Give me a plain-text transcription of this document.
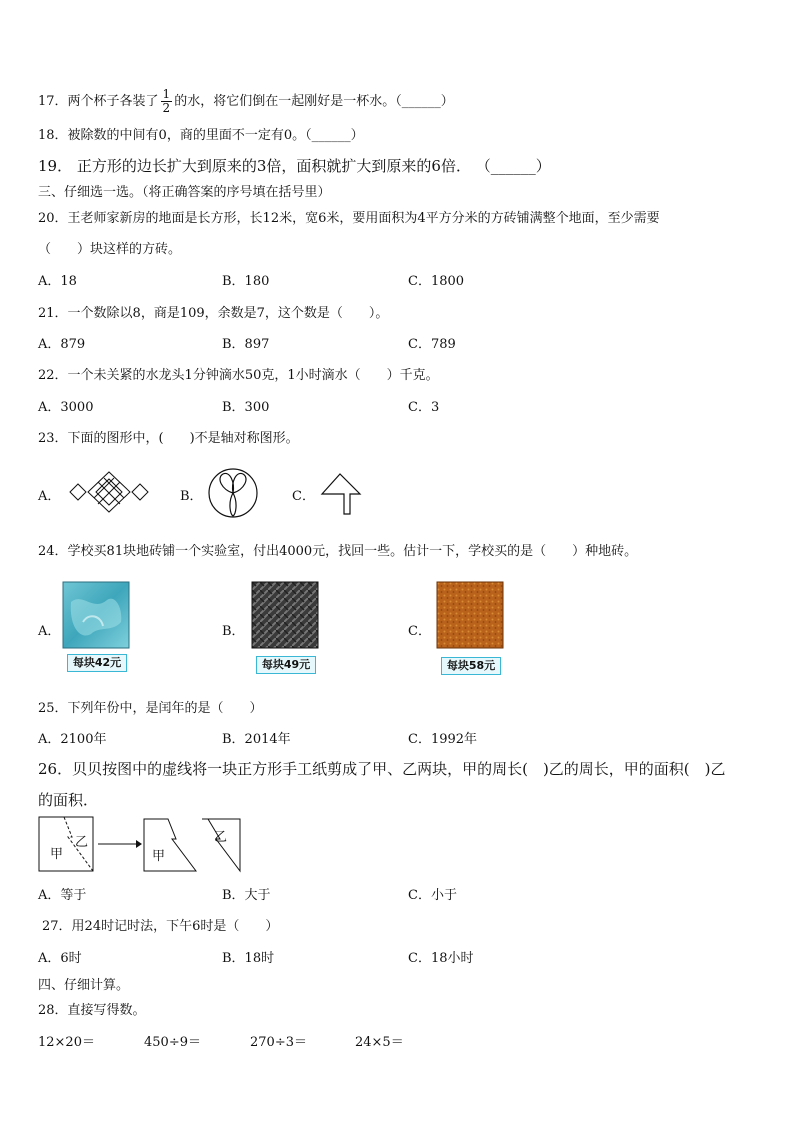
17．两个杯子各装了 $\frac{1}{2}$ 的水，将它们倒在一起刚好是一杯水。（______）
18．被除数的中间有0，商的里面不一定有0。（______）
19． 正方形的边长扩大到原来的3倍，面积就扩大到原来的6倍． （______）
三、仔细选一选。（将正确答案的序号填在括号里）
20．王老师家新房的地面是长方形，长12米，宽6米，要用面积为4平方分米的方砖铺满整个地面，至少需要
（　　）块这样的方砖。
A．18	B．180	C．1800
21．一个数除以8，商是109，余数是7，这个数是（　　）。
A．879	B．897	C．789
22．一个未关紧的水龙头1分钟滴水50克，1小时滴水（　　）千克。
A．3000	B．300	C．3
23．下面的图形中，(　　)不是轴对称图形。
A．	B．	C．
24．学校买81块地砖铺一个实验室，付出4000元，找回一些。估计一下，学校买的是（　　）种地砖。
A．	B．	C．
每块42元	每块49元	每块58元
25．下列年份中，是闰年的是（　　）
A．2100年	B．2014年	C．1992年
26．贝贝按图中的虚线将一块正方形手工纸剪成了甲、乙两块，甲的周长(　)乙的周长，甲的面积(　)乙
的面积．
甲
乙
甲
乙
A．等于	B．大于	C．小于
27．用24时记时法，下午6时是（　　）
A．6时	B．18时	C．18小时
四、仔细计算。
28．直接写得数。
12×20＝	450÷9＝	270÷3＝	24×5＝
